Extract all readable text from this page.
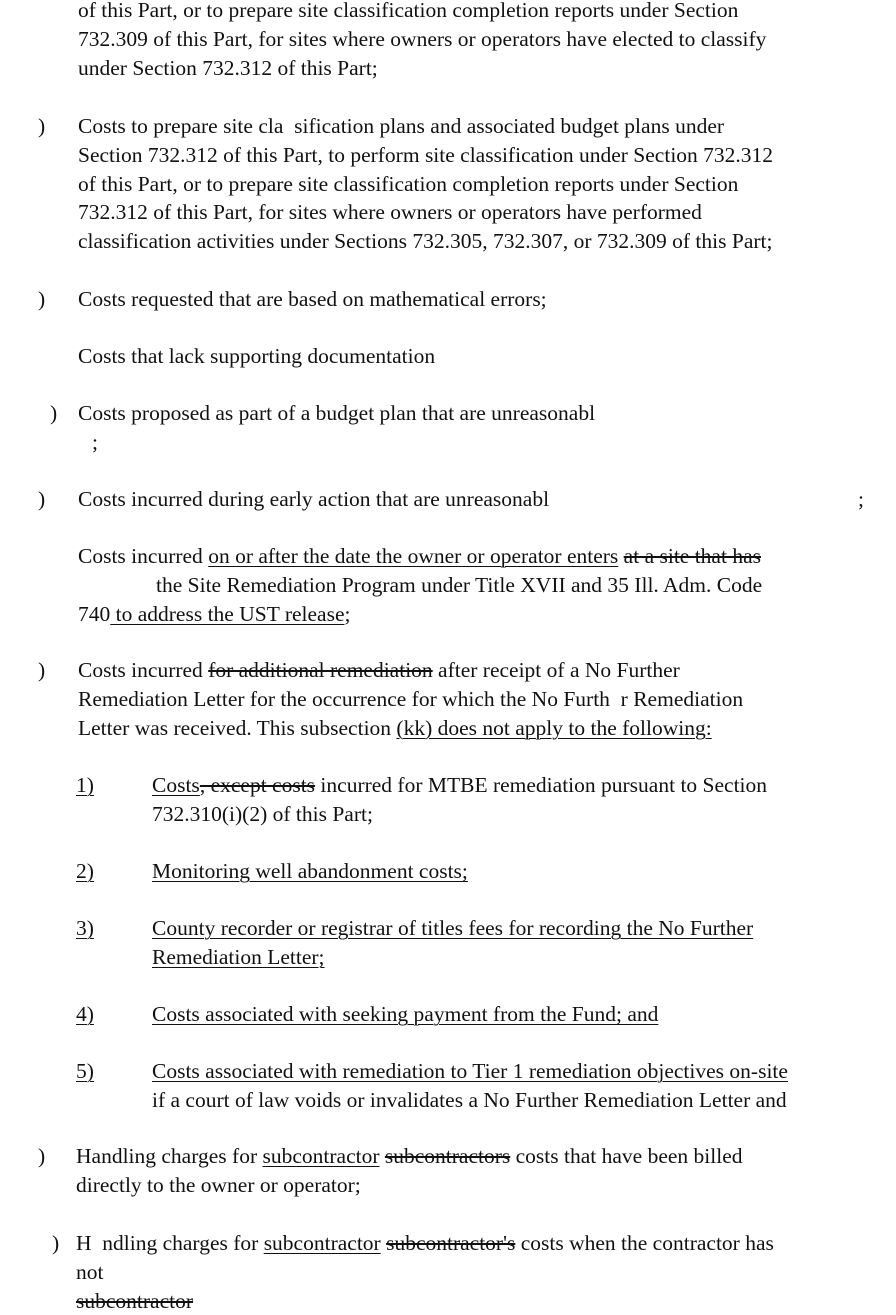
of this Part, or to prepare site classification completion reports under Section
732.309 of this Part, for sites where owners or operators have elected to classify
under Section 732.312 of this Part;
) Costs to prepare site cla  sification plans and associated budget plans under
Section 732.312 of this Part, to perform site classification under Section 732.312
of this Part, or to prepare site classification completion reports under Section
732.312 of this Part, for sites where owners or operators have performed
classification activities under Sections 732.305, 732.307, or 732.309 of this Part;
) Costs requested that are based on mathematical errors;
Costs that lack supporting documentation
) Costs proposed as part of a budget plan that are unreasonabl
;
) Costs incurred during early action that are unreasonabl	;
Costs incurred on or after the date the owner or operator enters at a site that has
the Site Remediation Program under Title XVII and 35 Ill. Adm. Code
740 to address the UST release;
) Costs incurred for additional remediation after receipt of a No Further
Remediation Letter for the occurrence for which the No Furth  r Remediation
Letter was received. This subsection (kk) does not apply to the following:
1)	Costs, except costs incurred for MTBE remediation pursuant to Section
732.310(i)(2) of this Part;
2)	Monitoring well abandonment costs;
3)	County recorder or registrar of titles fees for recording the No Further
Remediation Letter;
4)	Costs associated with seeking payment from the Fund; and
5)	Costs associated with remediation to Tier 1 remediation objectives on-site
if a court of law voids or invalidates a No Further Remediation Letter and
) Handling charges for subcontractor subcontractors costs that have been billed
directly to the owner or operator;
) H  ndling charges for subcontractor subcontractor's costs when the contractor has
not
subcontractor
